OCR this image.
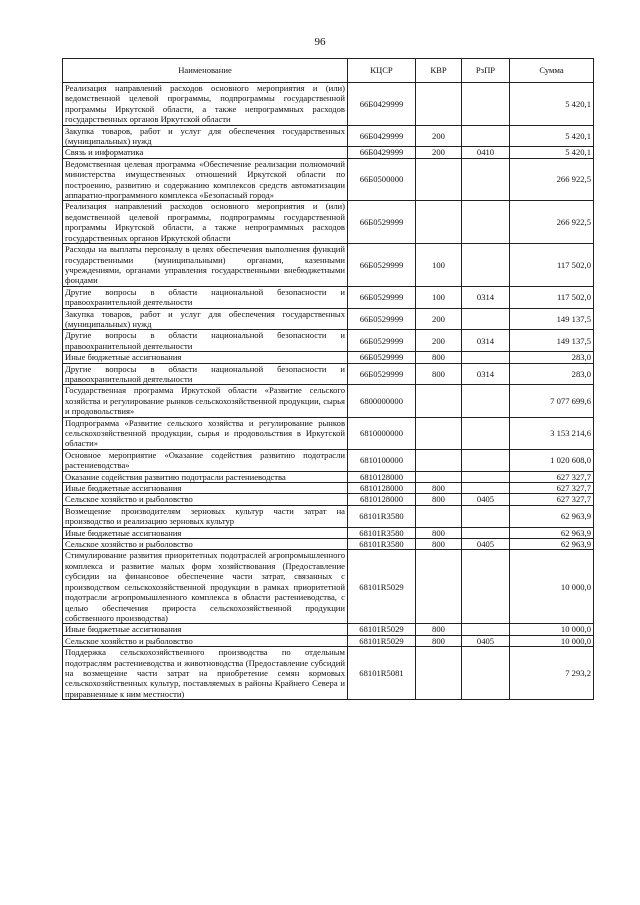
96
Наименование	КЦСР	КВР	РзПР	Сумма
Реализация направлений расходов основного мероприятия и (или) ведомственной целевой программы, подпрограммы государственной программы Иркутской области, а также непрограммных расходов государственных органов Иркутской области	66Б0429999			5 420,1
Закупка товаров, работ и услуг для обеспечения государственных (муниципальных) нужд	66Б0429999	200		5 420,1
Связь и информатика	66Б0429999	200	0410	5 420,1
Ведомственная целевая программа «Обеспечение реализации полномочий министерства имущественных отношений Иркутской области по построению, развитию и содержанию комплексов средств автоматизации аппаратно-программного комплекса «Безопасный город»	66Б0500000			266 922,5
Реализация направлений расходов основного мероприятия и (или) ведомственной целевой программы, подпрограммы государственной программы Иркутской области, а также непрограммных расходов государственных органов Иркутской области	66Б0529999			266 922,5
Расходы на выплаты персоналу в целях обеспечения выполнения функций государственными (муниципальными) органами, казенными учреждениями, органами управления государственными внебюджетными фондами	66Б0529999	100		117 502,0
Другие вопросы в области национальной безопасности и правоохранительной деятельности	66Б0529999	100	0314	117 502,0
Закупка товаров, работ и услуг для обеспечения государственных (муниципальных) нужд	66Б0529999	200		149 137,5
Другие вопросы в области национальной безопасности и правоохранительной деятельности	66Б0529999	200	0314	149 137,5
Иные бюджетные ассигнования	66Б0529999	800		283,0
Другие вопросы в области национальной безопасности и правоохранительной деятельности	66Б0529999	800	0314	283,0
Государственная программа Иркутской области «Развитие сельского хозяйства и регулирование рынков сельскохозяйственной продукции, сырья и продовольствия»	6800000000			7 077 699,6
Подпрограмма «Развитие сельского хозяйства и регулирование рынков сельскохозяйственной продукции, сырья и продовольствия в Иркутской области»	6810000000			3 153 214,6
Основное мероприятие «Оказание содействия развитию подотрасли растениеводства»	6810100000			1 020 608,0
Оказание содействия развитию подотрасли растениеводства	6810128000			627 327,7
Иные бюджетные ассигнования	6810128000	800		627 327,7
Сельское хозяйство и рыболовство	6810128000	800	0405	627 327,7
Возмещение производителям зерновых культур части затрат на производство и реализацию зерновых культур	68101R3580			62 963,9
Иные бюджетные ассигнования	68101R3580	800		62 963,9
Сельское хозяйство и рыболовство	68101R3580	800	0405	62 963,9
Стимулирование развития приоритетных подотраслей агропромышленного комплекса и развитие малых форм хозяйствования (Предоставление субсидии на финансовое обеспечение части затрат, связанных с производством сельскохозяйственной продукции в рамках приоритетной подотрасли агропромышленного комплекса в области растениеводства, с целью обеспечения прироста сельскохозяйственной продукции собственного производства)	68101R5029			10 000,0
Иные бюджетные ассигнования	68101R5029	800		10 000,0
Сельское хозяйство и рыболовство	68101R5029	800	0405	10 000,0
Поддержка сельскохозяйственного производства по отдельным подотраслям растениеводства и животноводства (Предоставление субсидий на возмещение части затрат на приобретение семян кормовых сельскохозяйственных культур, поставляемых в районы Крайнего Севера и приравненные к ним местности)	68101R5081			7 293,2
